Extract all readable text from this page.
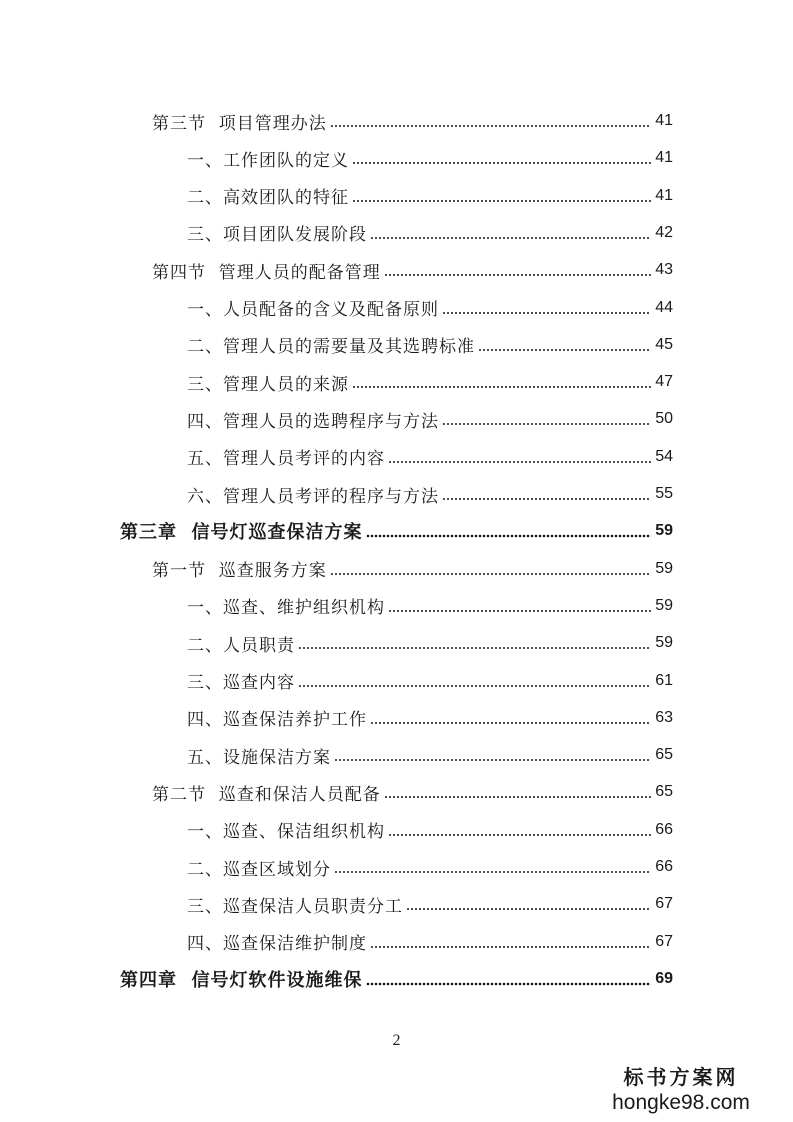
第三节  项目管理办法	41
一、工作团队的定义	41
二、高效团队的特征	41
三、项目团队发展阶段	42
第四节  管理人员的配备管理	43
一、人员配备的含义及配备原则	44
二、管理人员的需要量及其选聘标准	45
三、管理人员的来源	47
四、管理人员的选聘程序与方法	50
五、管理人员考评的内容	54
六、管理人员考评的程序与方法	55
第三章  信号灯巡查保洁方案	59
第一节  巡查服务方案	59
一、巡查、维护组织机构	59
二、人员职责	59
三、巡查内容	61
四、巡查保洁养护工作	63
五、设施保洁方案	65
第二节  巡查和保洁人员配备	65
一、巡查、保洁组织机构	66
二、巡查区域划分	66
三、巡查保洁人员职责分工	67
四、巡查保洁维护制度	67
第四章  信号灯软件设施维保	69
2
标书方案网
hongke98.com
